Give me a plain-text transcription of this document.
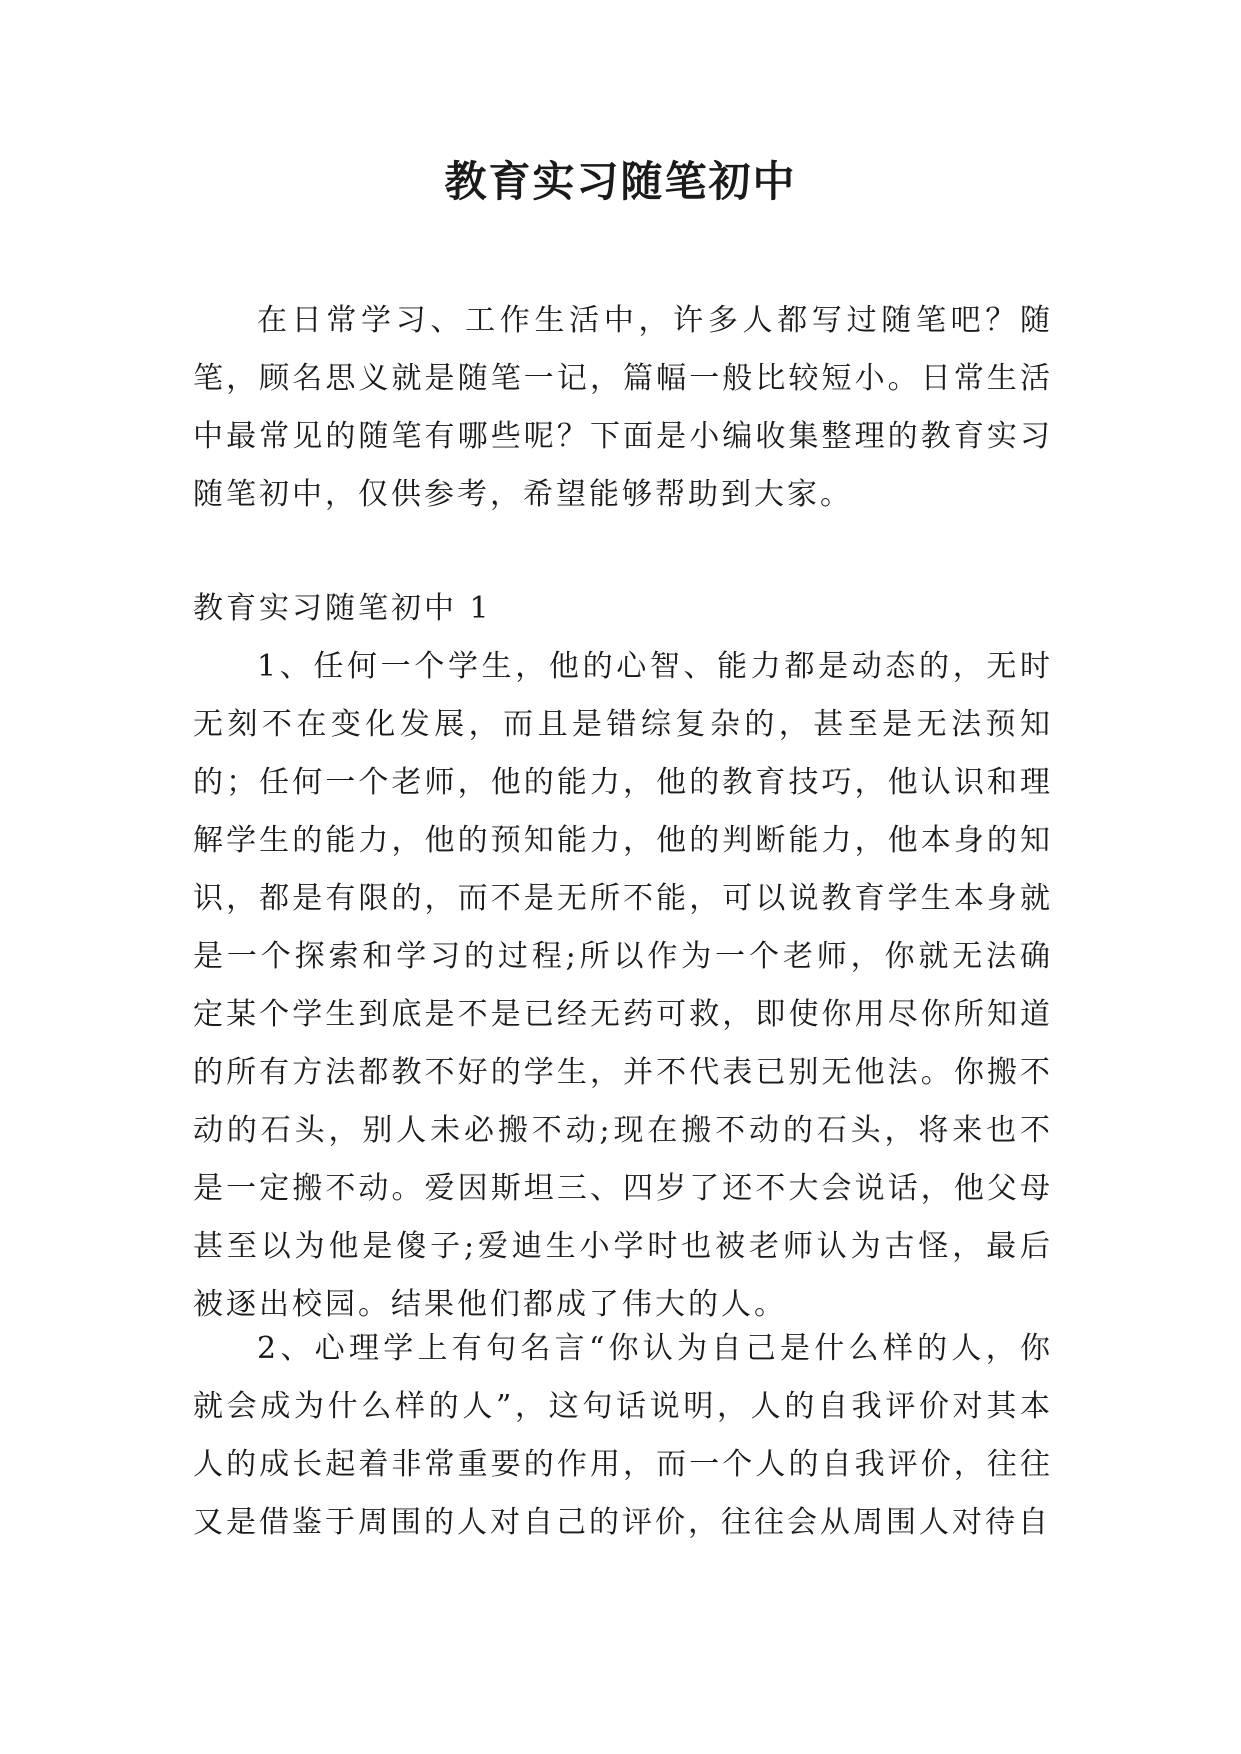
教育实习随笔初中

在日常学习、工作生活中，许多人都写过随笔吧？随笔，顾名思义就是随笔一记，篇幅一般比较短小。日常生活中最常见的随笔有哪些呢？下面是小编收集整理的教育实习随笔初中，仅供参考，希望能够帮助到大家。

教育实习随笔初中 1

1、任何一个学生，他的心智、能力都是动态的，无时无刻不在变化发展，而且是错综复杂的，甚至是无法预知的；任何一个老师，他的能力，他的教育技巧，他认识和理解学生的能力，他的预知能力，他的判断能力，他本身的知识，都是有限的，而不是无所不能，可以说教育学生本身就是一个探索和学习的过程;所以作为一个老师，你就无法确定某个学生到底是不是已经无药可救，即使你用尽你所知道的所有方法都教不好的学生，并不代表已别无他法。你搬不动的石头，别人未必搬不动;现在搬不动的石头，将来也不是一定搬不动。爱因斯坦三、四岁了还不大会说话，他父母甚至以为他是傻子;爱迪生小学时也被老师认为古怪，最后被逐出校园。结果他们都成了伟大的人。

2、心理学上有句名言“你认为自己是什么样的人，你就会成为什么样的人”，这句话说明，人的自我评价对其本人的成长起着非常重要的作用，而一个人的自我评价，往往又是借鉴于周围的人对自己的评价，往往会从周围人对待自
